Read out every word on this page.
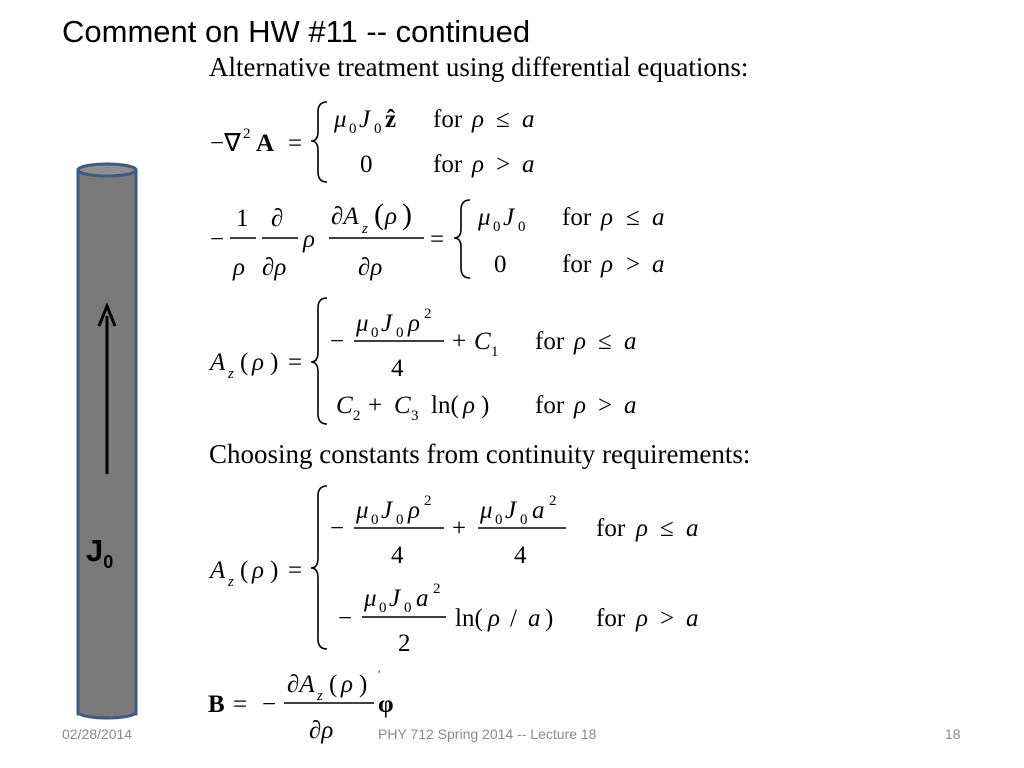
Comment on HW #11 -- continued
Alternative treatment using differential equations:
Choosing constants from continuity requirements:
−∇ 2 A =
μ 0 J 0 ẑ for ρ ≤ a
0 for ρ > a
−
1
ρ
∂
∂ρ
ρ
∂A z ( ρ )
∂ρ
=
μ 0 J 0 for ρ ≤ a
0 for ρ > a
A z ( ρ ) =
−
μ 0 J 0 ρ 2
4
+ C 1 for ρ ≤ a
C 2 + C 3 ln( ρ ) for ρ > a
A z ( ρ ) =
−
μ 0 J 0 ρ 2
4
+
μ 0 J 0 a 2
4
for ρ ≤ a
−
μ 0 J 0 a 2
2
ln( ρ / a ) for ρ > a
B = −
∂A z ( ρ )
∂ρ
'
φ
$J_0$
02/28/2014	PHY 712 Spring 2014 -- Lecture 18	18
